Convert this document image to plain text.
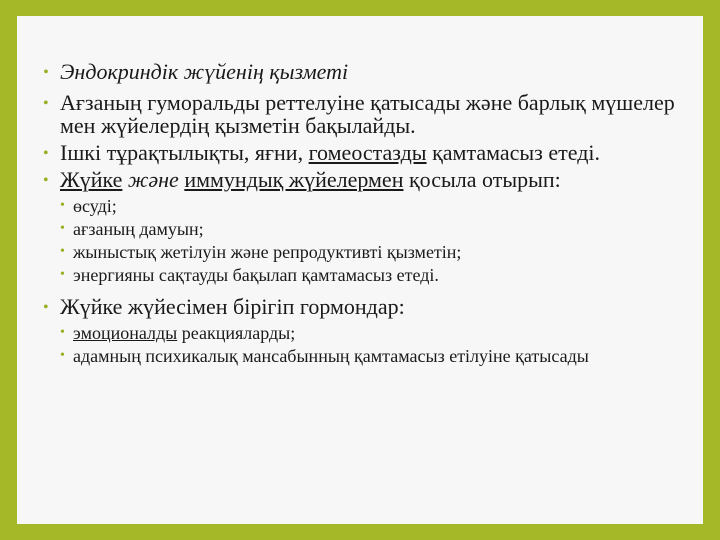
• Эндокриндік жүйенің қызметі
• Ағзаның гуморальды реттелуіне қатысады және барлық мүшелер мен жүйелердің қызметін бақылайды.
• Ішкі тұрақтылықты, яғни, гомеостазды қамтамасыз етеді.
• Жүйке және иммундық жүйелермен қосыла отырып:
• өсуді;
• ағзаның дамуын;
• жыныстық жетілуін және репродуктивті қызметін;
• энергияны сақтауды бақылап қамтамасыз етеді.
• Жүйке жүйесімен бірігіп гормондар:
• эмоционалды реакцияларды;
• адамның психикалық мансабынның қамтамасыз етілуіне қатысады
